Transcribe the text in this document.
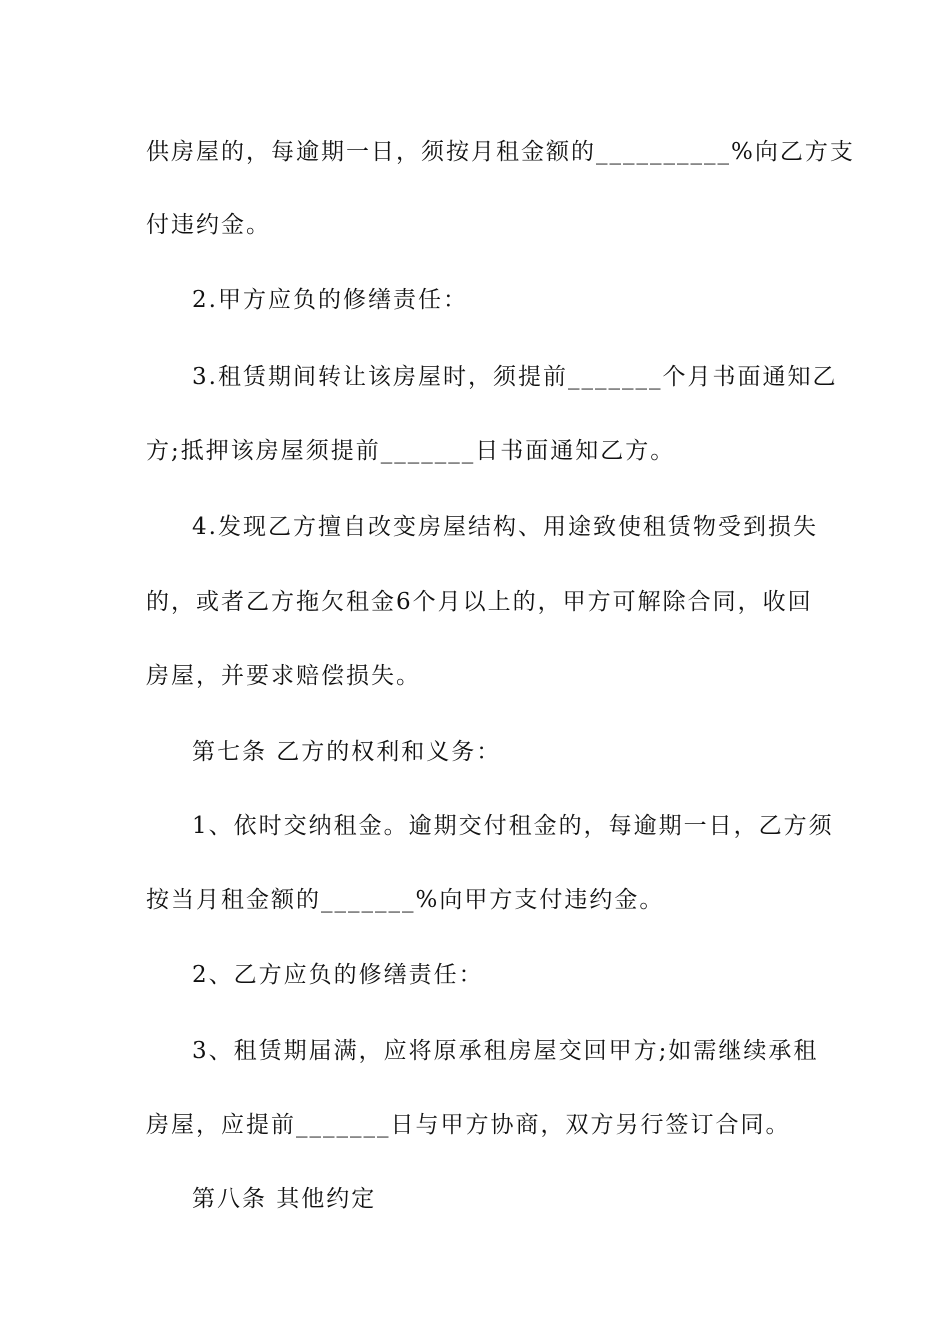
供房屋的，每逾期一日，须按月租金额的__________%向乙方支
付违约金。
2.甲方应负的修缮责任：
3.租赁期间转让该房屋时，须提前_______个月书面通知乙
方;抵押该房屋须提前_______日书面通知乙方。
4.发现乙方擅自改变房屋结构、用途致使租赁物受到损失
的，或者乙方拖欠租金6个月以上的，甲方可解除合同，收回
房屋，并要求赔偿损失。
第七条 乙方的权利和义务：
1、依时交纳租金。逾期交付租金的，每逾期一日，乙方须
按当月租金额的_______%向甲方支付违约金。
2、乙方应负的修缮责任：
3、租赁期届满，应将原承租房屋交回甲方;如需继续承租
房屋，应提前_______日与甲方协商，双方另行签订合同。
第八条 其他约定
